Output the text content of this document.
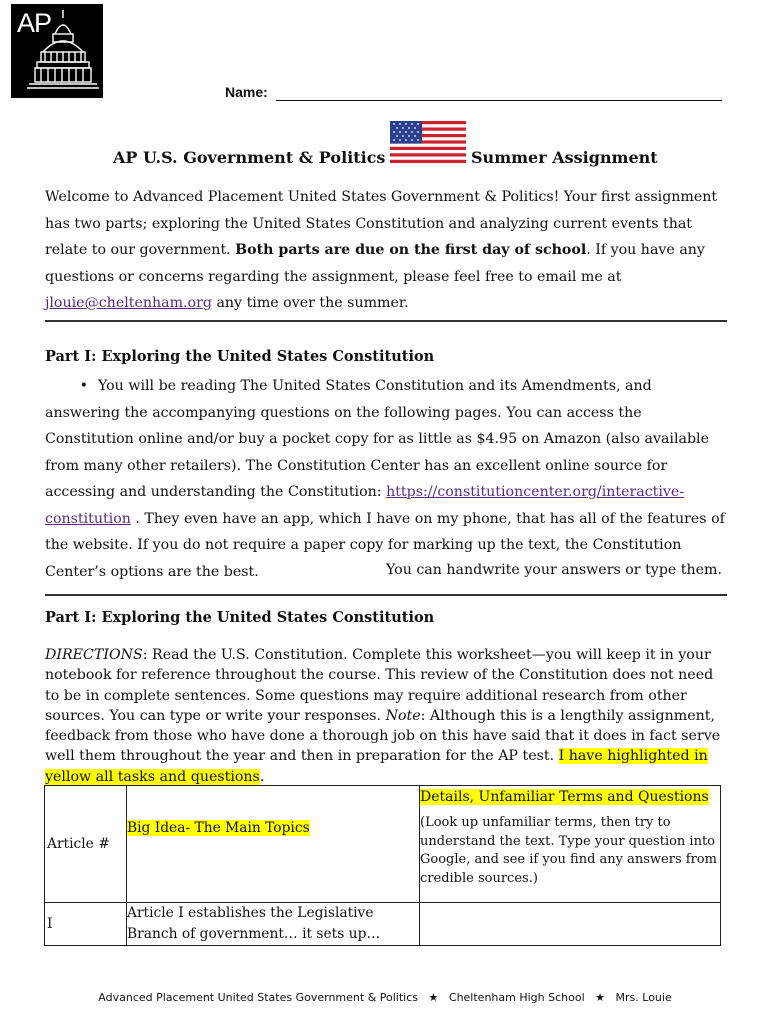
AP
Name:
AP U.S. Government & Politics	Summer Assignment
Welcome to Advanced Placement United States Government & Politics! Your first assignment has two parts; exploring the United States Constitution and analyzing current events that relate to our government. Both parts are due on the first day of school. If you have any questions or concerns regarding the assignment, please feel free to email me at jlouie@cheltenham.org any time over the summer.
Part I: Exploring the United States Constitution
• You will be reading The United States Constitution and its Amendments, and answering the accompanying questions on the following pages. You can access the Constitution online and/or buy a pocket copy for as little as $4.95 on Amazon (also available from many other retailers). The Constitution Center has an excellent online source for accessing and understanding the Constitution: https://constitutioncenter.org/interactive-constitution . They even have an app, which I have on my phone, that has all of the features of the website. If you do not require a paper copy for marking up the text, the Constitution Center’s options are the best.	You can handwrite your answers or type them.
Part I: Exploring the United States Constitution
DIRECTIONS: Read the U.S. Constitution. Complete this worksheet—you will keep it in your notebook for reference throughout the course. This review of the Constitution does not need to be in complete sentences. Some questions may require additional research from other sources. You can type or write your responses. Note: Although this is a lengthily assignment, feedback from those who have done a thorough job on this have said that it does in fact serve well them throughout the year and then in preparation for the AP test. I have highlighted in yellow all tasks and questions.
Article #	Big Idea- The Main Topics	Details, Unfamiliar Terms and Questions
(Look up unfamiliar terms, then try to understand the text. Type your question into Google, and see if you find any answers from credible sources.)

I	Article I establishes the Legislative Branch of government… it sets up…	
Advanced Placement United States Government & Politics ★ Cheltenham High School ★ Mrs. Louie
